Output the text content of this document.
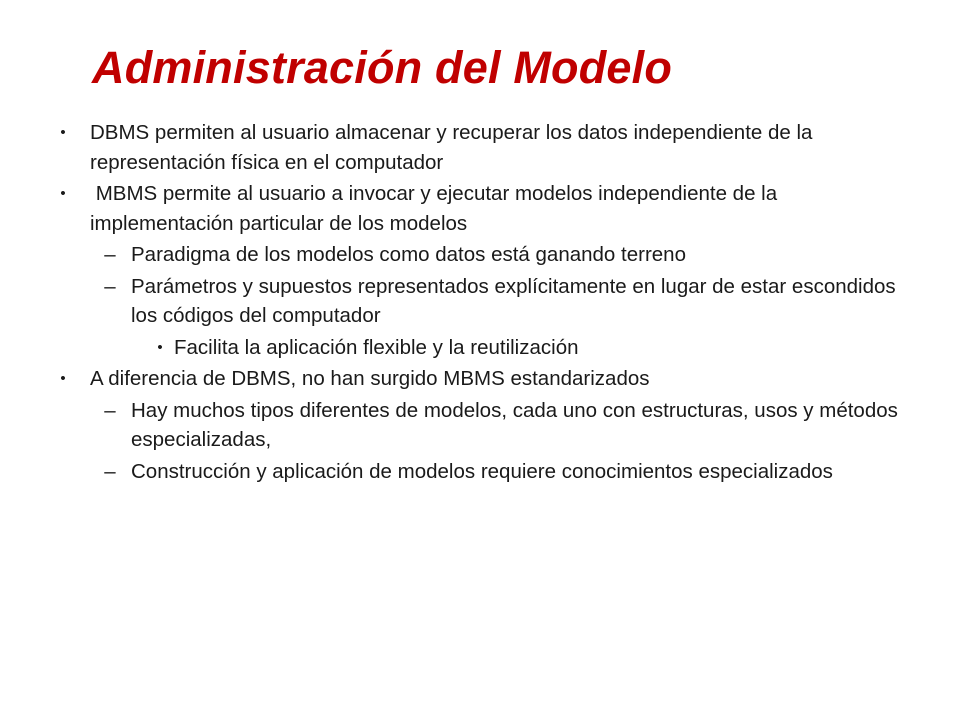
Administración del Modelo
• DBMS permiten al usuario almacenar y recuperar los datos independiente de la representación física en el computador
• MBMS permite al usuario a invocar y ejecutar modelos independiente de la implementación particular de los modelos
– Paradigma de los modelos como datos está ganando terreno
– Parámetros y supuestos representados explícitamente en lugar de estar escondidos los códigos del computador
• Facilita la aplicación flexible y la reutilización
• A diferencia de DBMS, no han surgido MBMS estandarizados
– Hay muchos tipos diferentes de modelos, cada uno con estructuras, usos y métodos especializadas,
– Construcción y aplicación de modelos requiere conocimientos especializados
